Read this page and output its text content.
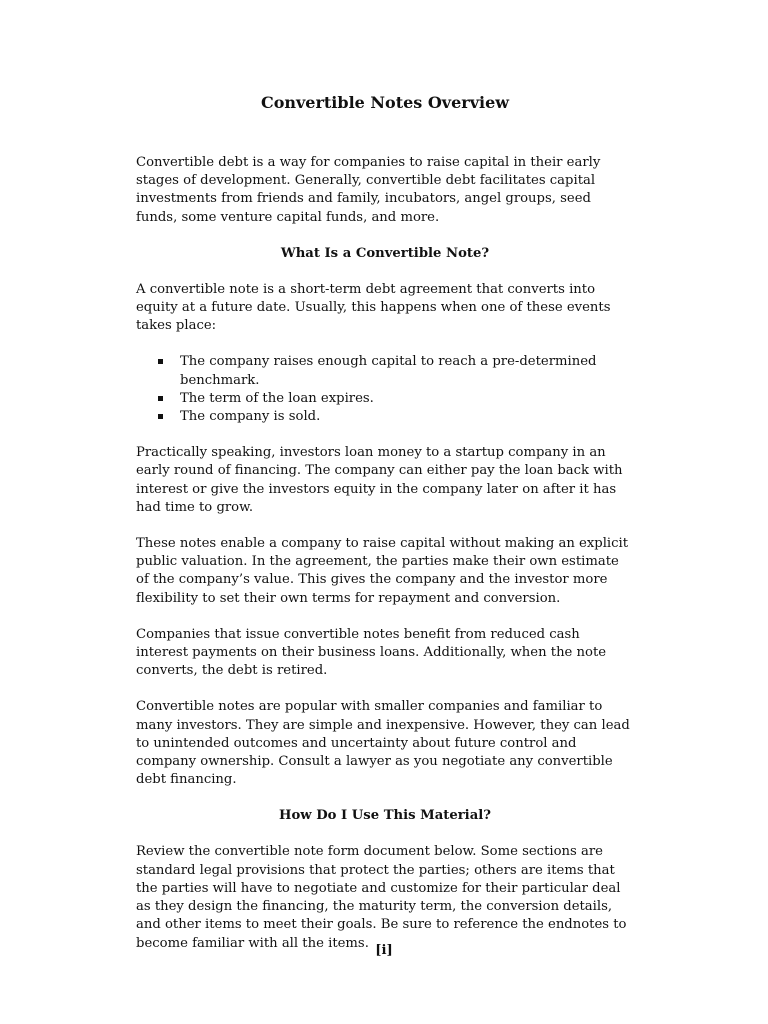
Convertible Notes Overview

Convertible debt is a way for companies to raise capital in their early stages of development. Generally, convertible debt facilitates capital investments from friends and family, incubators, angel groups, seed funds, some venture capital funds, and more.

What Is a Convertible Note?

A convertible note is a short-term debt agreement that converts into equity at a future date. Usually, this happens when one of these events takes place:

The company raises enough capital to reach a pre-determined benchmark.
The term of the loan expires.
The company is sold.

Practically speaking, investors loan money to a startup company in an early round of financing. The company can either pay the loan back with interest or give the investors equity in the company later on after it has had time to grow.

These notes enable a company to raise capital without making an explicit public valuation. In the agreement, the parties make their own estimate of the company’s value. This gives the company and the investor more flexibility to set their own terms for repayment and conversion.

Companies that issue convertible notes benefit from reduced cash interest payments on their business loans. Additionally, when the note converts, the debt is retired.

Convertible notes are popular with smaller companies and familiar to many investors. They are simple and inexpensive. However, they can lead to unintended outcomes and uncertainty about future control and company ownership. Consult a lawyer as you negotiate any convertible debt financing.

How Do I Use This Material?

Review the convertible note form document below. Some sections are standard legal provisions that protect the parties; others are items that the parties will have to negotiate and customize for their particular deal as they design the financing, the maturity term, the conversion details, and other items to meet their goals. Be sure to reference the endnotes to become familiar with all the items. [i]
